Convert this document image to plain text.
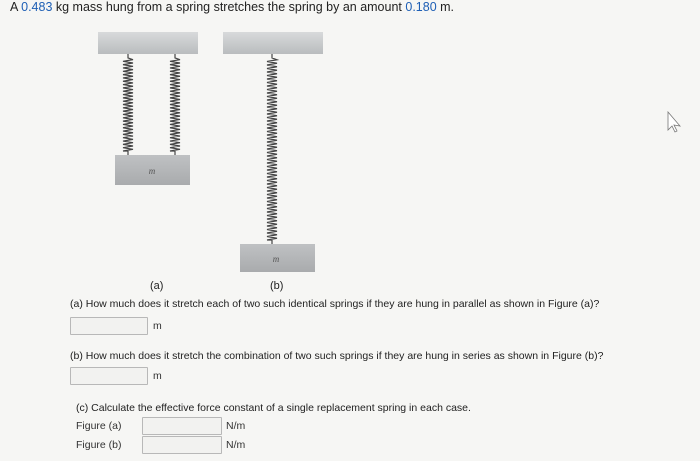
A 0.483 kg mass hung from a spring stretches the spring by an amount 0.180 m.
m
m
(a)	(b)
(a) How much does it stretch each of two such identical springs if they are hung in parallel as shown in Figure (a)?
m
(b) How much does it stretch the combination of two such springs if they are hung in series as shown in Figure (b)?
m
(c) Calculate the effective force constant of a single replacement spring in each case.
Figure (a)	N/m
Figure (b)	N/m
